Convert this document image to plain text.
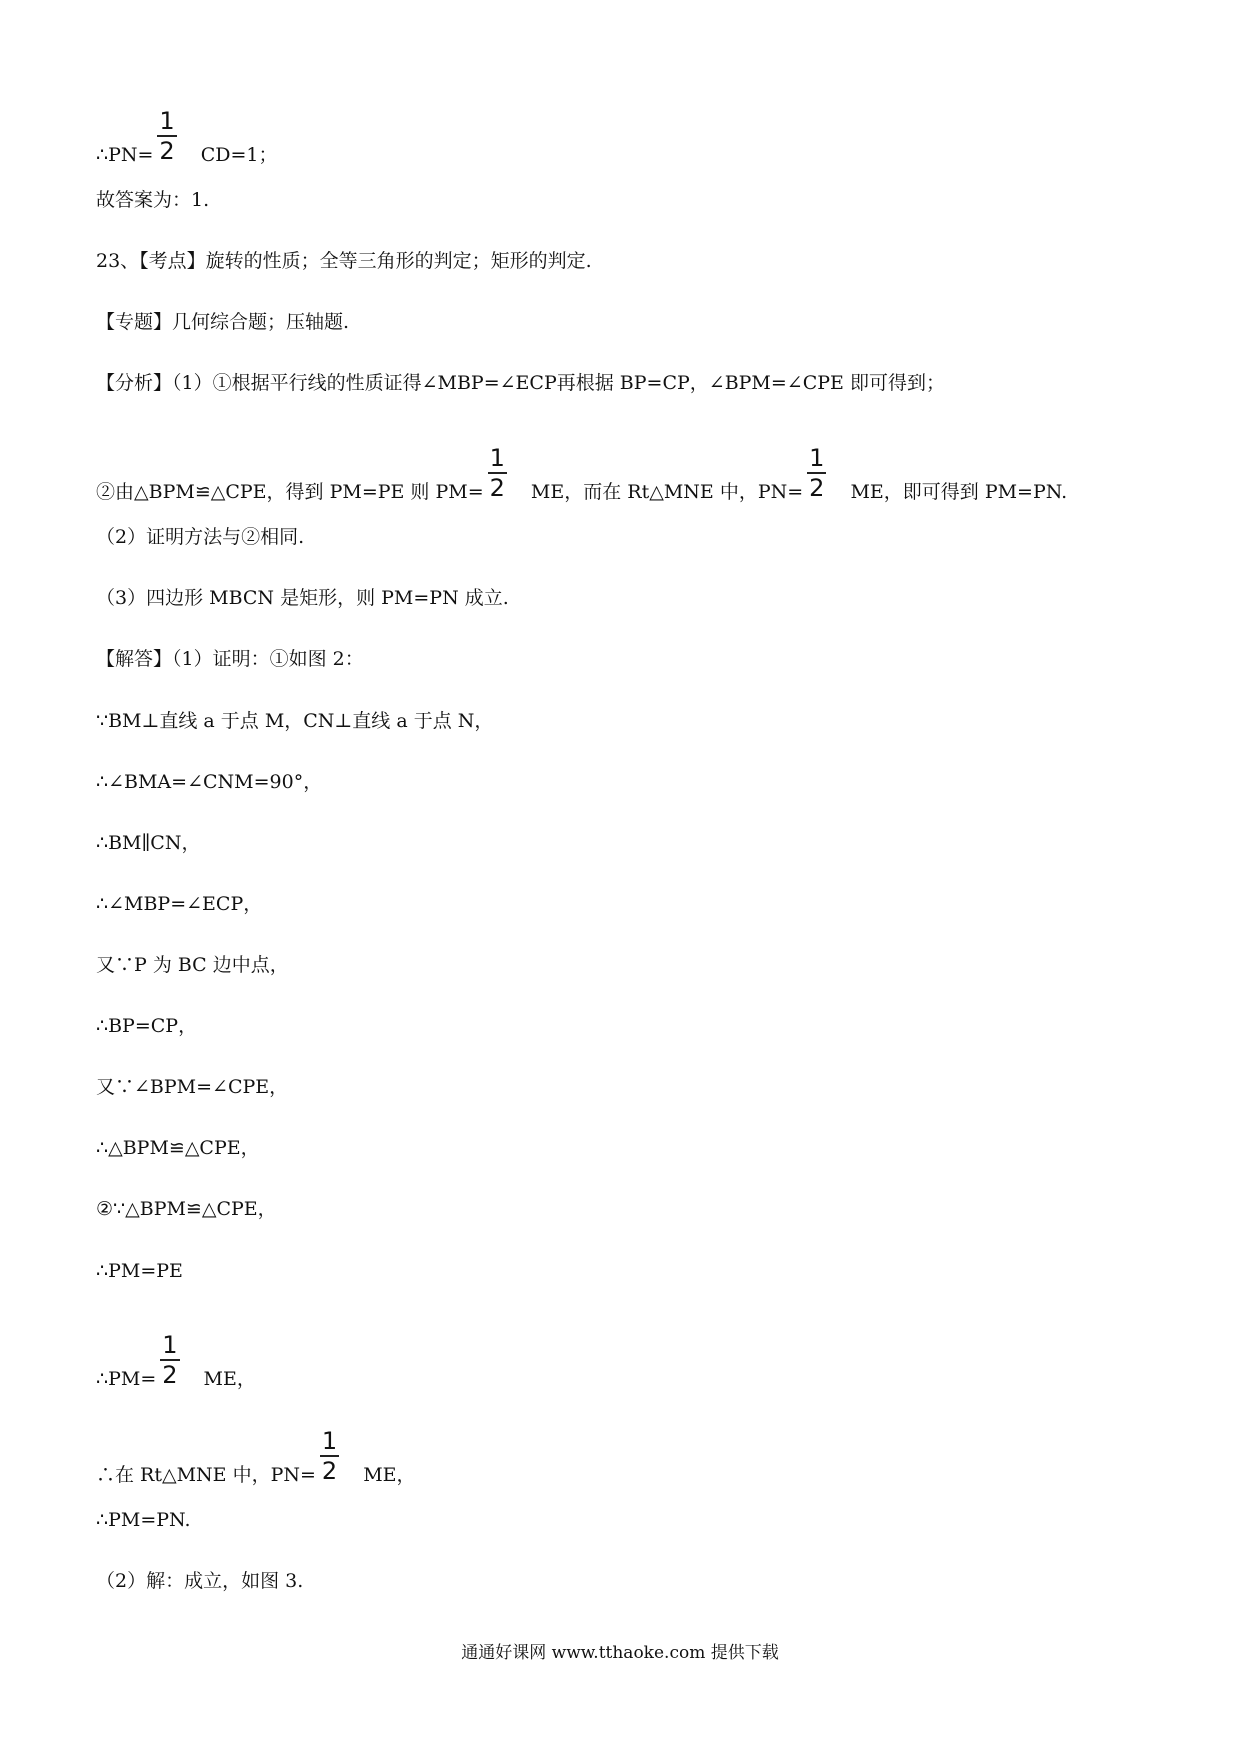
∴PN= $\frac{1}{2} CD=1$；
故答案为：1.
23、【考点】旋转的性质；全等三角形的判定；矩形的判定.
【专题】几何综合题；压轴题.
【分析】（1）①根据平行线的性质证得∠MBP=∠ECP再根据 BP=CP，∠BPM=∠CPE 即可得到；
②由△BPM≌△CPE，得到 PM=PE 则 $PM= \frac{1}{2}$ ME，而在 Rt△MNE 中，$PN= \frac{1}{2}$ ME，即可得到 PM=PN.
（2）证明方法与②相同.
（3）四边形 MBCN 是矩形，则 PM=PN 成立.
【解答】（1）证明：①如图 2：
∵BM⊥直线 a 于点 M，CN⊥直线 a 于点 N，
∴∠BMA=∠CNM=90°，
∴BM∥CN，
∴∠MBP=∠ECP，
又∵P 为 BC 边中点，
∴BP=CP，
又∵∠BPM=∠CPE，
∴△BPM≌△CPE，
②∵△BPM≌△CPE，
∴PM=PE
∴PM= $\frac{1}{2}$ ME，
∴在 Rt△MNE 中，$PN= \frac{1}{2}$ ME，
∴PM=PN.
（2）解：成立，如图 3.
通通好课网 www.tthaoke.com 提供下载
